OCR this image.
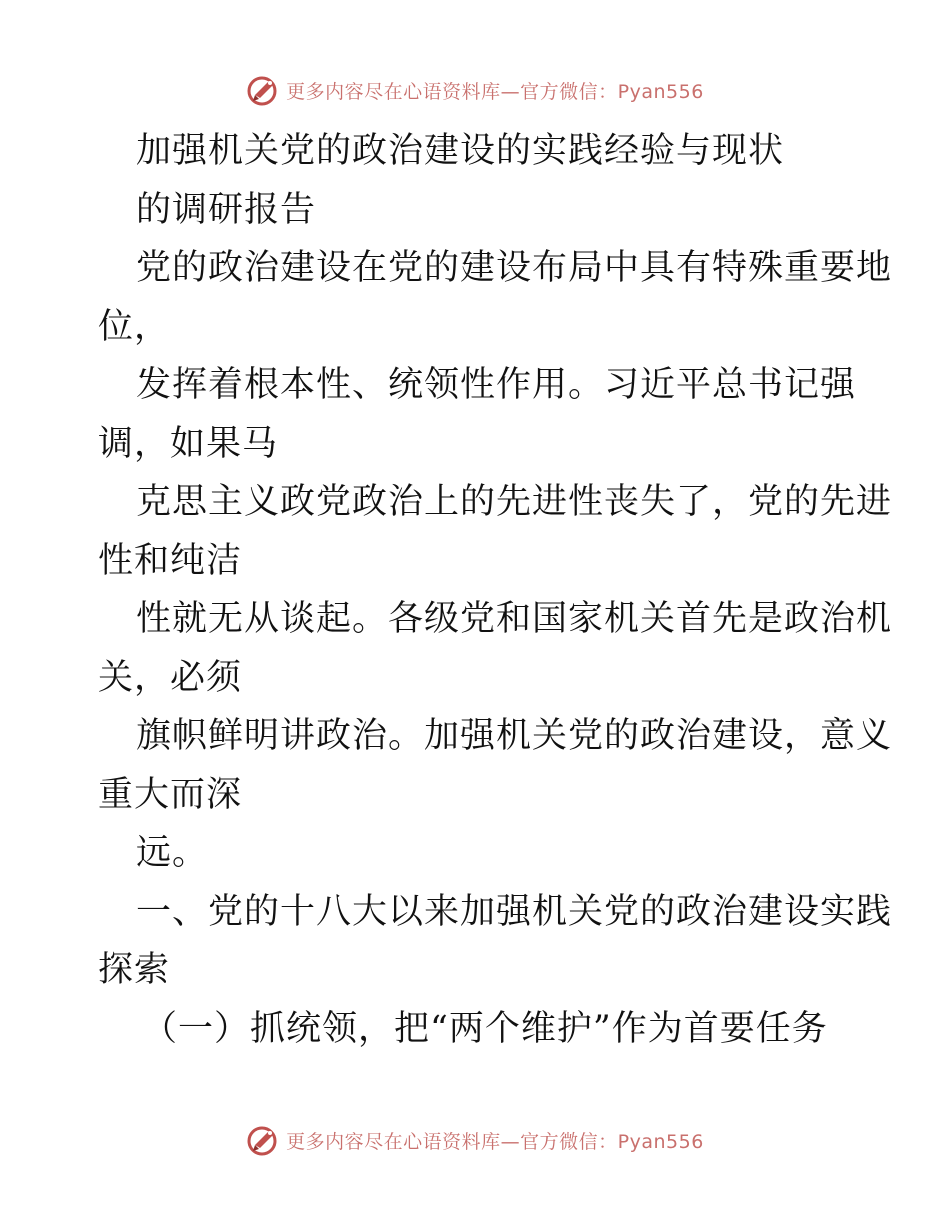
更多内容尽在心语资料库—官方微信：Pyan556
加强机关党的政治建设的实践经验与现状
的调研报告
党的政治建设在党的建设布局中具有特殊重要地
位，
发挥着根本性、统领性作用。习近平总书记强
调，如果马
克思主义政党政治上的先进性丧失了，党的先进
性和纯洁
性就无从谈起。各级党和国家机关首先是政治机
关，必须
旗帜鲜明讲政治。加强机关党的政治建设，意义
重大而深
远。
一、党的十八大以来加强机关党的政治建设实践
探索
（一）抓统领，把“两个维护”作为首要任务
更多内容尽在心语资料库—官方微信：Pyan556
